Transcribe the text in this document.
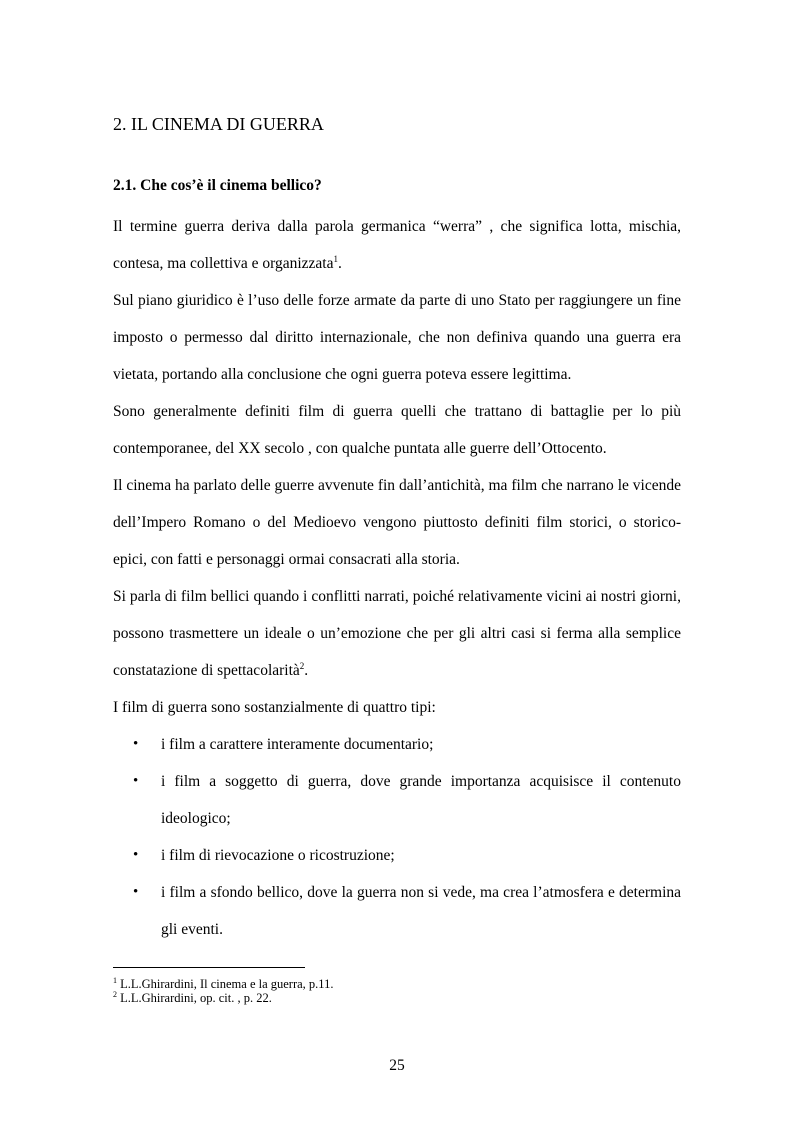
2. IL CINEMA DI GUERRA
2.1. Che cos’è il cinema bellico?

Il termine guerra deriva dalla parola germanica “werra” , che significa lotta, mischia, contesa, ma collettiva e organizzata$^1$.

Sul piano giuridico è l’uso delle forze armate da parte di uno Stato per raggiungere un fine imposto o permesso dal diritto internazionale, che non definiva quando una guerra era vietata, portando alla conclusione che ogni guerra poteva essere legittima.

Sono generalmente definiti film di guerra quelli che trattano di battaglie per lo più contemporanee, del XX secolo , con qualche puntata alle guerre dell’Ottocento.

Il cinema ha parlato delle guerre avvenute fin dall’antichità, ma film che narrano le vicende dell’Impero Romano o del Medioevo vengono piuttosto definiti film storici, o storico- epici, con fatti e personaggi ormai consacrati alla storia.

Si parla di film bellici quando i conflitti narrati, poiché relativamente vicini ai nostri giorni, possono trasmettere un ideale o un’emozione che per gli altri casi si ferma alla semplice constatazione di spettacolarità$^2$.

I film di guerra sono sostanzialmente di quattro tipi:

• i film a carattere interamente documentario;
• i film a soggetto di guerra, dove grande importanza acquisisce il contenuto ideologico;
• i film di rievocazione o ricostruzione;
• i film a sfondo bellico, dove la guerra non si vede, ma crea l’atmosfera e determina gli eventi.

$^1$ L.L.Ghirardini, Il cinema e la guerra, p.11.

$^2$ L.L.Ghirardini, op. cit. , p. 22.

25
